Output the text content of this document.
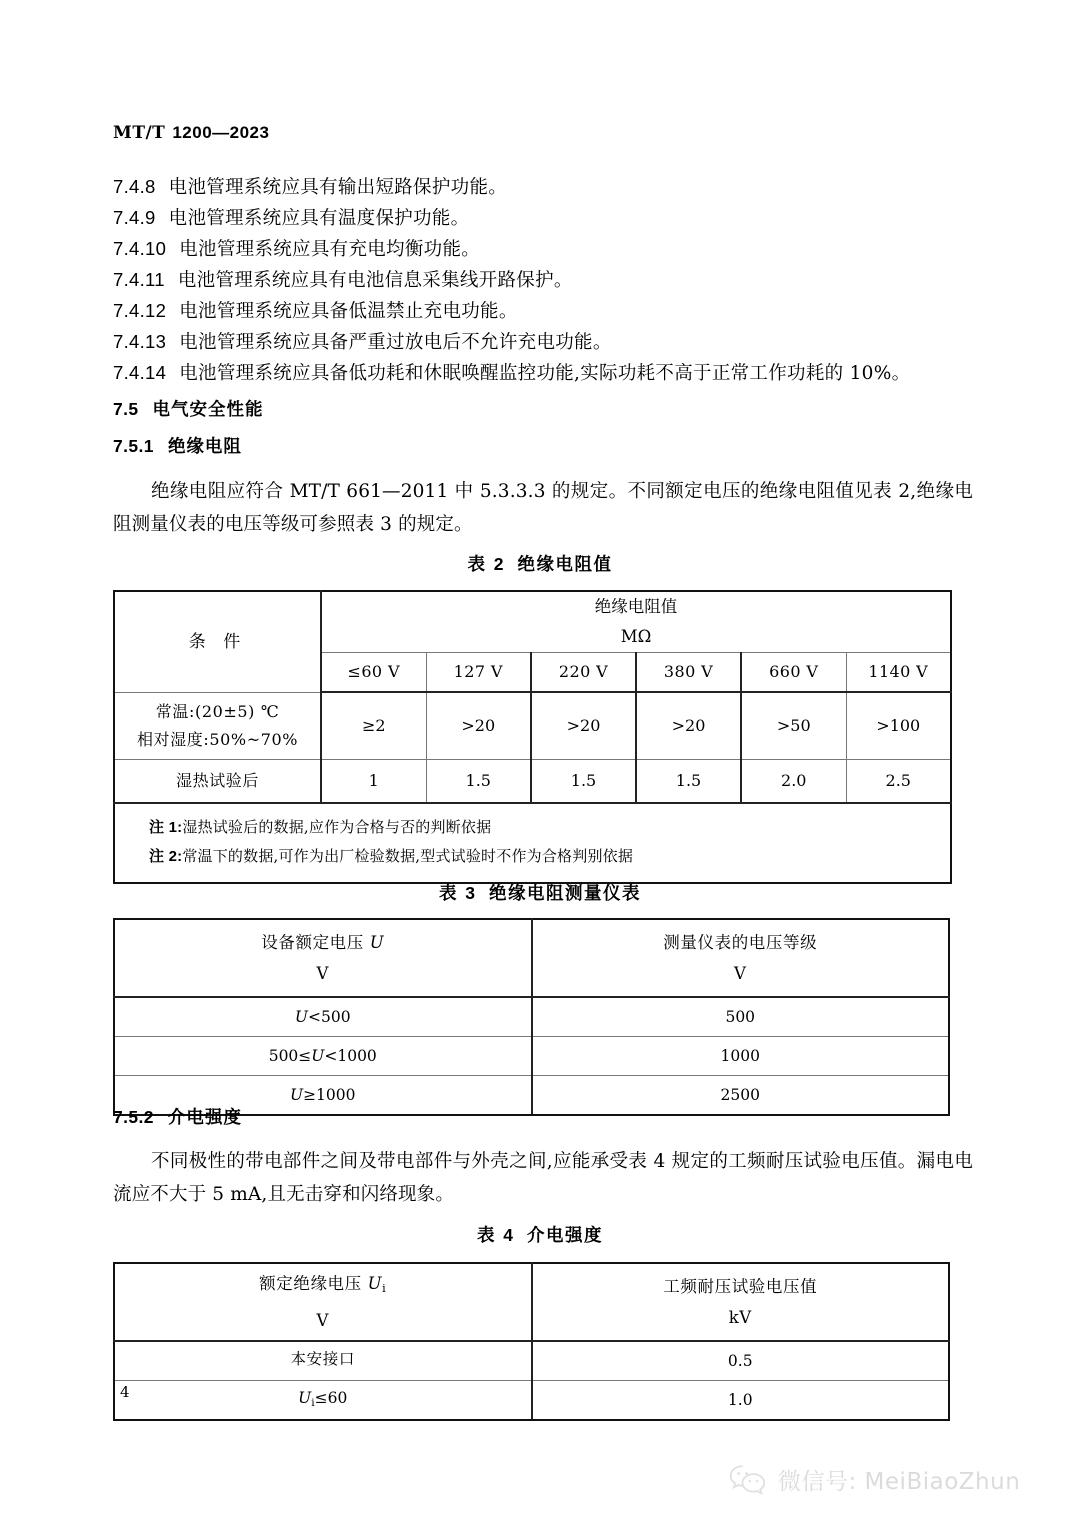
MT/T 1200—2023
7.4.8 电池管理系统应具有输出短路保护功能。
7.4.9 电池管理系统应具有温度保护功能。
7.4.10 电池管理系统应具有充电均衡功能。
7.4.11 电池管理系统应具有电池信息采集线开路保护。
7.4.12 电池管理系统应具备低温禁止充电功能。
7.4.13 电池管理系统应具备严重过放电后不允许充电功能。
7.4.14 电池管理系统应具备低功耗和休眠唤醒监控功能,实际功耗不高于正常工作功耗的 10%。
7.5 电气安全性能
7.5.1 绝缘电阻
绝缘电阻应符合 MT/T 661—2011 中 5.3.3.3 的规定。不同额定电压的绝缘电阻值见表 2,绝缘电阻测量仪表的电压等级可参照表 3 的规定。
表 2 绝缘电阻值
条 件	绝缘电阻值
MΩ					

	≤60 V	127 V	220 V	380 V	660 V	1140 V

常温:(20±5) ℃
相对湿度:50%~70%	≥2	>20	>20	>20	>50	>100
湿热试验后	1	1.5	1.5	1.5	2.0	2.5

注 1:湿热试验后的数据,应作为合格与否的判断依据
注 2:常温下的数据,可作为出厂检验数据,型式试验时不作为合格判别依据						
表 3 绝缘电阻测量仪表
设备额定电压 U
V

测量仪表的电压等级
V

U<500	500
500≤U<1000	1000
U≥1000	2500
7.5.2 介电强度
不同极性的带电部件之间及带电部件与外壳之间,应能承受表 4 规定的工频耐压试验电压值。漏电电流应不大于 5 mA,且无击穿和闪络现象。
表 4 介电强度
额定绝缘电压 $U_i$
V

工频耐压试验电压值
kV

本安接口	0.5
$U_i\le 60$	1.0
4
微信号: MeiBiaoZhun
